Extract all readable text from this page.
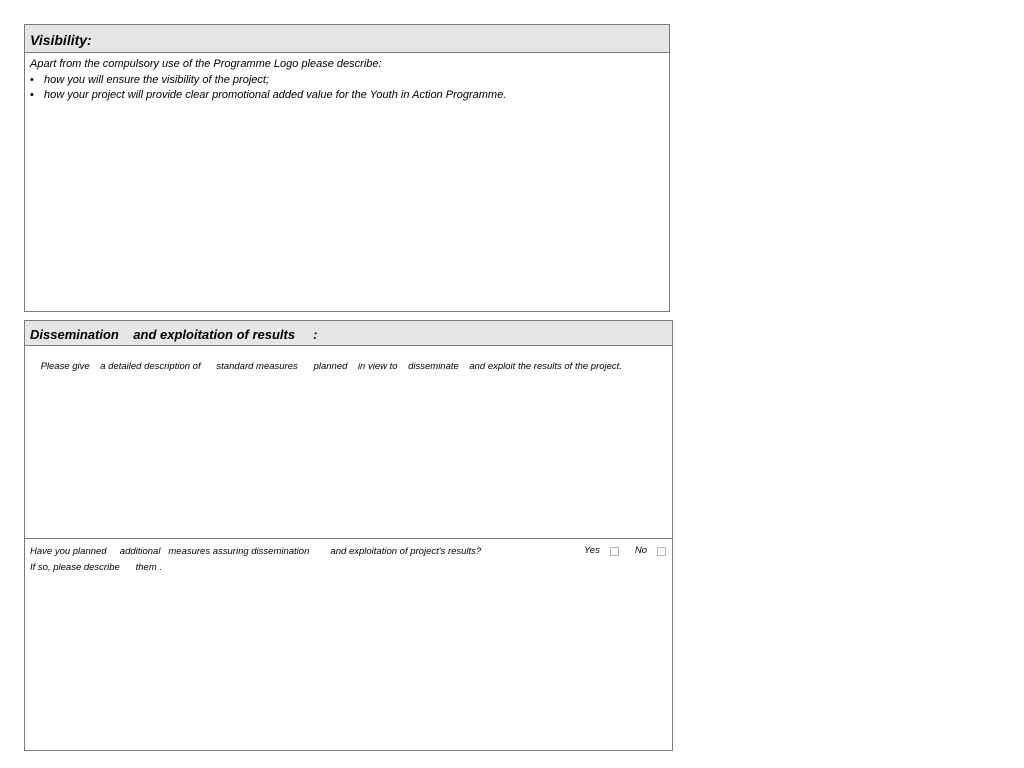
Visibility:
Apart from the compulsory use of the Programme Logo please describe:
• how you will ensure the visibility of the project;
• how your project will provide clear promotional added value for the Youth in Action Programme.
Dissemination    and exploitation of results     :

Please give    a detailed description of      standard measures      planned    in view to    disseminate    and exploit the results of the project.

Have you planned     additional   measures assuring dissemination        and exploitation of project's results?
If so, please describe      them .
Yes	No
